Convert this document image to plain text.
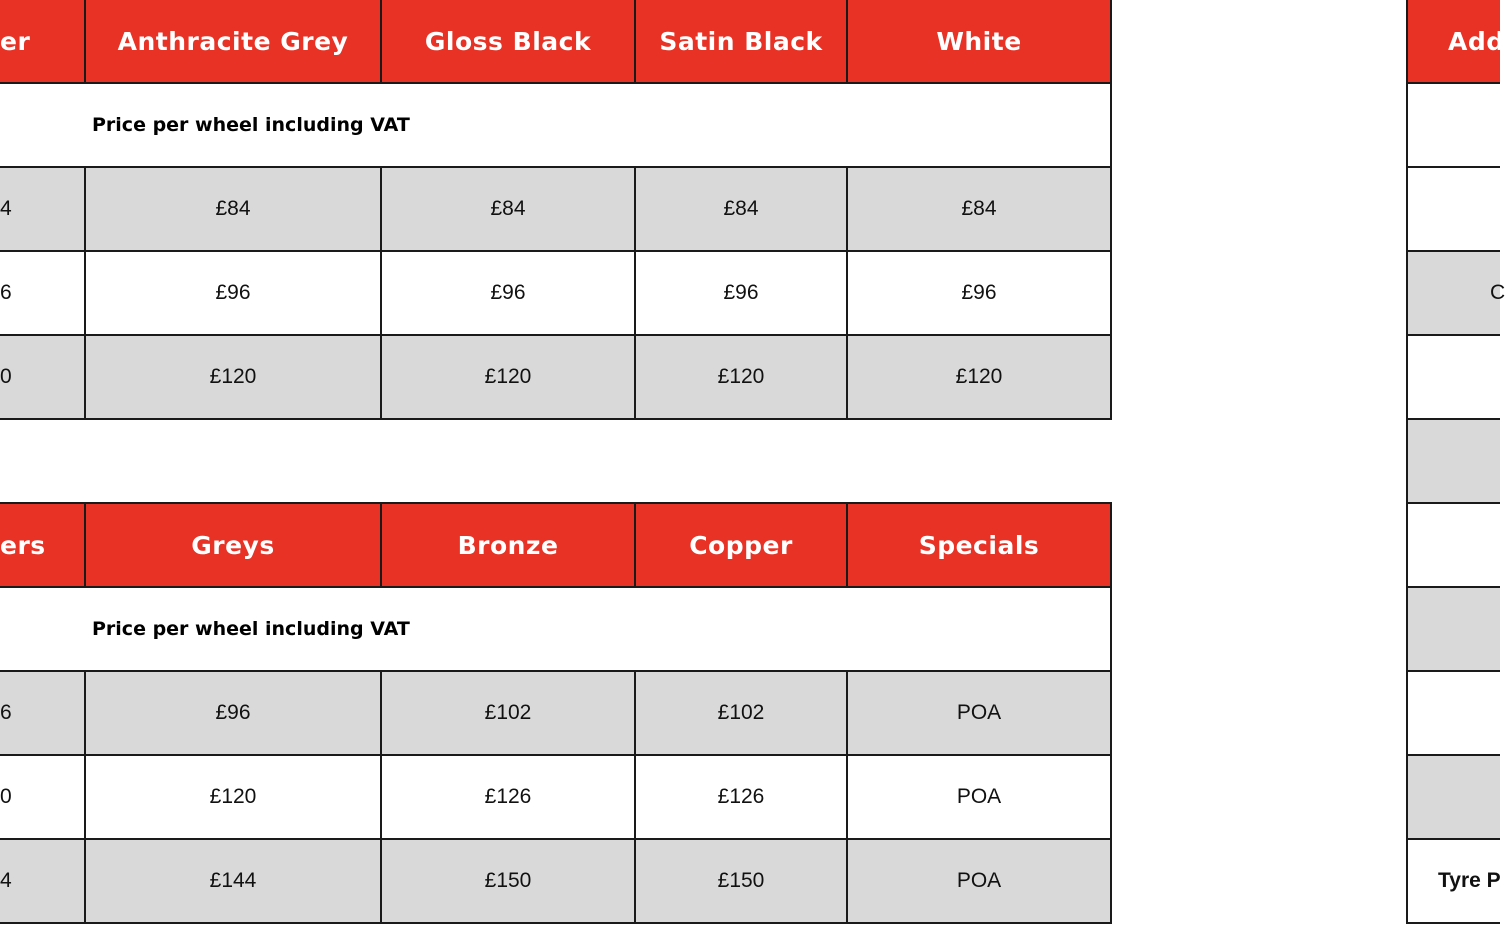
er	Anthracite Grey	Gloss Black	Satin Black	White
Price per wheel including VAT
4	£84	£84	£84	£84
6	£96	£96	£96	£96
0	£120	£120	£120	£120
ers	Greys	Bronze	Copper	Specials
Price per wheel including VAT
6	£96	£102	£102	POA
0	£120	£126	£126	POA
4	£144	£150	£150	POA
Add
C
Tyre P
